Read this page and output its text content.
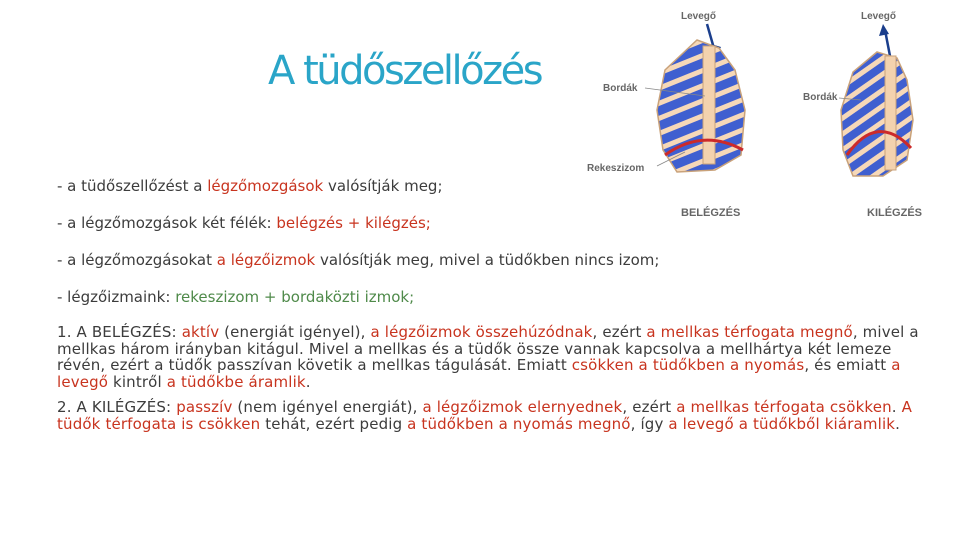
A tüdőszellőzés
Levegő
Bordák
Rekeszizom
BELÉGZÉS
Levegő
Bordák
KILÉGZÉS
- a tüdőszellőzést a légzőmozgások valósítják meg;
- a légzőmozgások két félék: belégzés + kilégzés;
- a légzőmozgásokat a légzőizmok valósítják meg, mivel a tüdőkben nincs izom;
- légzőizmaink: rekeszizom + bordaközti izmok;
1. A BELÉGZÉS: aktív (energiát igényel), a légzőizmok összehúzódnak, ezért a mellkas térfogata megnő, mivel a mellkas három irányban kitágul. Mivel a mellkas és a tüdők össze vannak kapcsolva a mellhártya két lemeze révén, ezért a tüdők passzívan követik a mellkas tágulását. Emiatt csökken a tüdőkben a nyomás, és emiatt a levegő kintről a tüdőkbe áramlik.
2. A KILÉGZÉS: passzív (nem igényel energiát), a légzőizmok elernyednek, ezért a mellkas térfogata csökken. A tüdők térfogata is csökken tehát, ezért pedig a tüdőkben a nyomás megnő, így a levegő a tüdőkből kiáramlik.
